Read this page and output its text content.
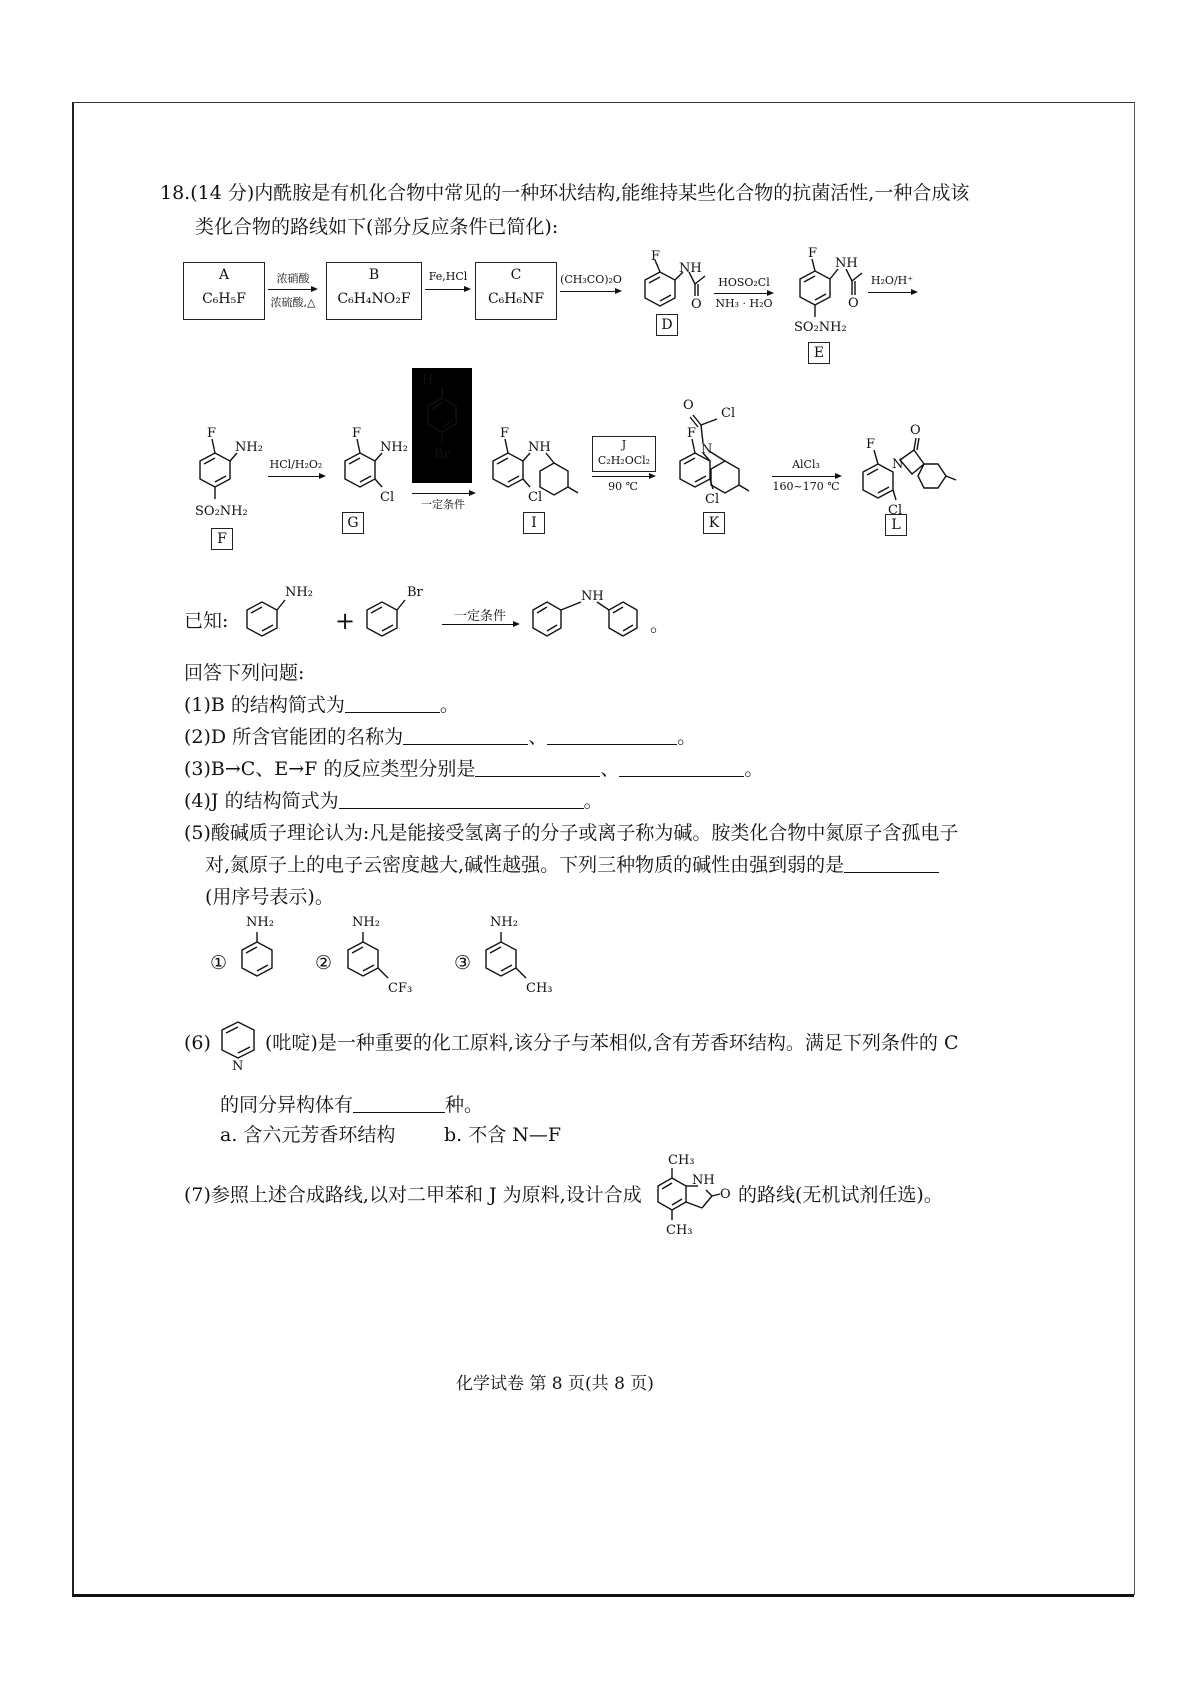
18.(14 分)内酰胺是有机化合物中常见的一种环状结构,能维持某些化合物的抗菌活性,一种合成该
类化合物的路线如下(部分反应条件已简化):
A
C₆H₅F
浓硝酸
浓硫酸,△
B
C₆H₄NO₂F
Fe,HCl	C
C₆H₆NF
(CH₃CO)₂O
F
NH
O
D
HOSO₂Cl
NH₃ · H₂O
F
NH
O
SO₂NH₂
E
H₂O/H⁺
F
NH₂
SO₂NH₂
F
HCl/H₂O₂
F
NH₂
Cl
G
H
Br
一定条件
F
NH
Cl
I
J
C₂H₂OCl₂
90 ℃
O
Cl
F
N
Cl
K
AlCl₃
160~170 ℃
O
F
N
Cl
L
已知:
NH₂
+
Br
一定条件
NH
。
回答下列问题:
(1)B 的结构简式为	。
(2)D 所含官能团的名称为	、	。
(3)B→C、E→F 的反应类型分别是	、	。
(4)J 的结构简式为	。
(5)酸碱质子理论认为:凡是能接受氢离子的分子或离子称为碱。胺类化合物中氮原子含孤电子
对,氮原子上的电子云密度越大,碱性越强。下列三种物质的碱性由强到弱的是
(用序号表示)。
①
NH₂
②
NH₂
CF₃
③
NH₂
CH₃
(6)
N
(吡啶)是一种重要的化工原料,该分子与苯相似,含有芳香环结构。满足下列条件的 C
的同分异构体有	种。
a. 含六元芳香环结构	b. 不含 N—F
(7)参照上述合成路线,以对二甲苯和 J 为原料,设计合成
CH₃
NH
O
CH₃
的路线(无机试剂任选)。
化学试卷 第 8 页(共 8 页)
